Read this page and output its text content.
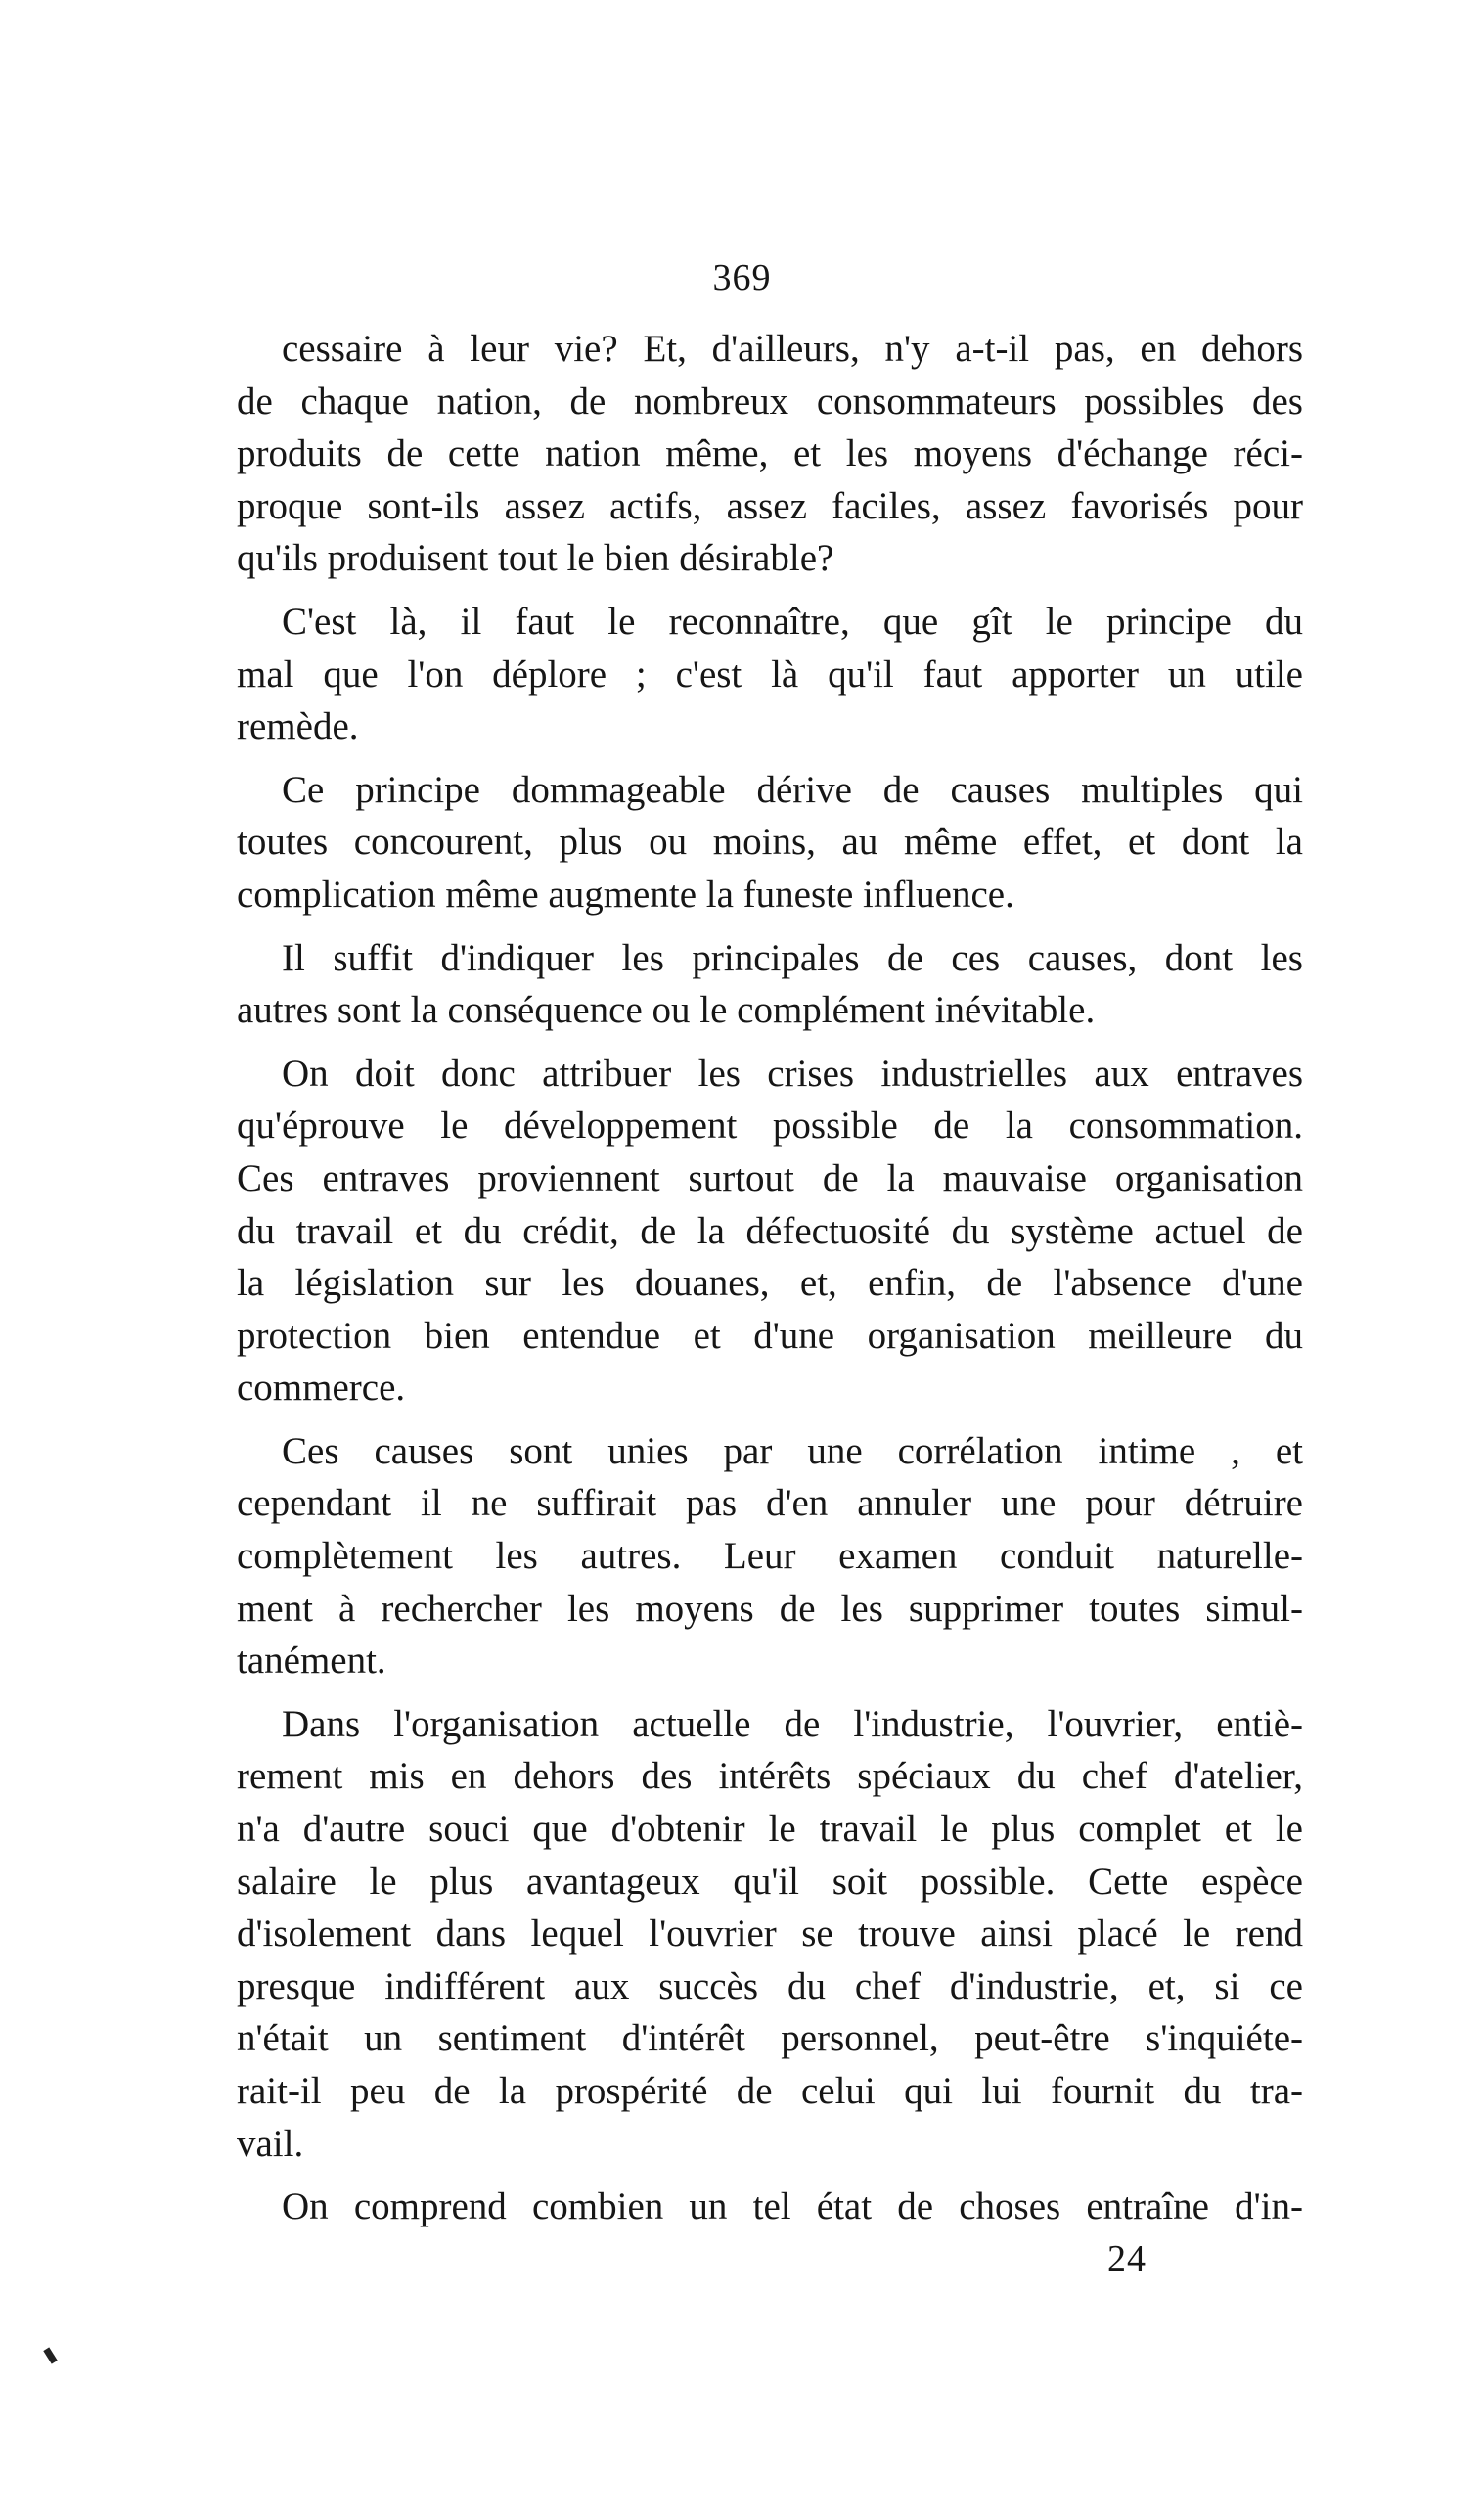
369

cessaire à leur vie? Et, d'ailleurs, n'y a-t-il pas, en dehors
de chaque nation, de nombreux consommateurs possibles des
produits de cette nation même, et les moyens d'échange réci-
proque sont-ils assez actifs, assez faciles, assez favorisés pour
qu'ils produisent tout le bien désirable?

C'est là, il faut le reconnaître, que gît le principe du
mal que l'on déplore ; c'est là qu'il faut apporter un utile
remède.

Ce principe dommageable dérive de causes multiples qui
toutes concourent, plus ou moins, au même effet, et dont la
complication même augmente la funeste influence.

Il suffit d'indiquer les principales de ces causes, dont les
autres sont la conséquence ou le complément inévitable.

On doit donc attribuer les crises industrielles aux entraves
qu'éprouve le développement possible de la consommation.
Ces entraves proviennent surtout de la mauvaise organisation
du travail et du crédit, de la défectuosité du système actuel de
la législation sur les douanes, et, enfin, de l'absence d'une
protection bien entendue et d'une organisation meilleure du
commerce.

Ces causes sont unies par une corrélation intime , et
cependant il ne suffirait pas d'en annuler une pour détruire
complètement les autres. Leur examen conduit naturelle-
ment à rechercher les moyens de les supprimer toutes simul-
tanément.

Dans l'organisation actuelle de l'industrie, l'ouvrier, entiè-
rement mis en dehors des intérêts spéciaux du chef d'atelier,
n'a d'autre souci que d'obtenir le travail le plus complet et le
salaire le plus avantageux qu'il soit possible. Cette espèce
d'isolement dans lequel l'ouvrier se trouve ainsi placé le rend
presque indifférent aux succès du chef d'industrie, et, si ce
n'était un sentiment d'intérêt personnel, peut-être s'inquiéte-
rait-il peu de la prospérité de celui qui lui fournit du tra-
vail.

On comprend combien un tel état de choses entraîne d'in-

24
